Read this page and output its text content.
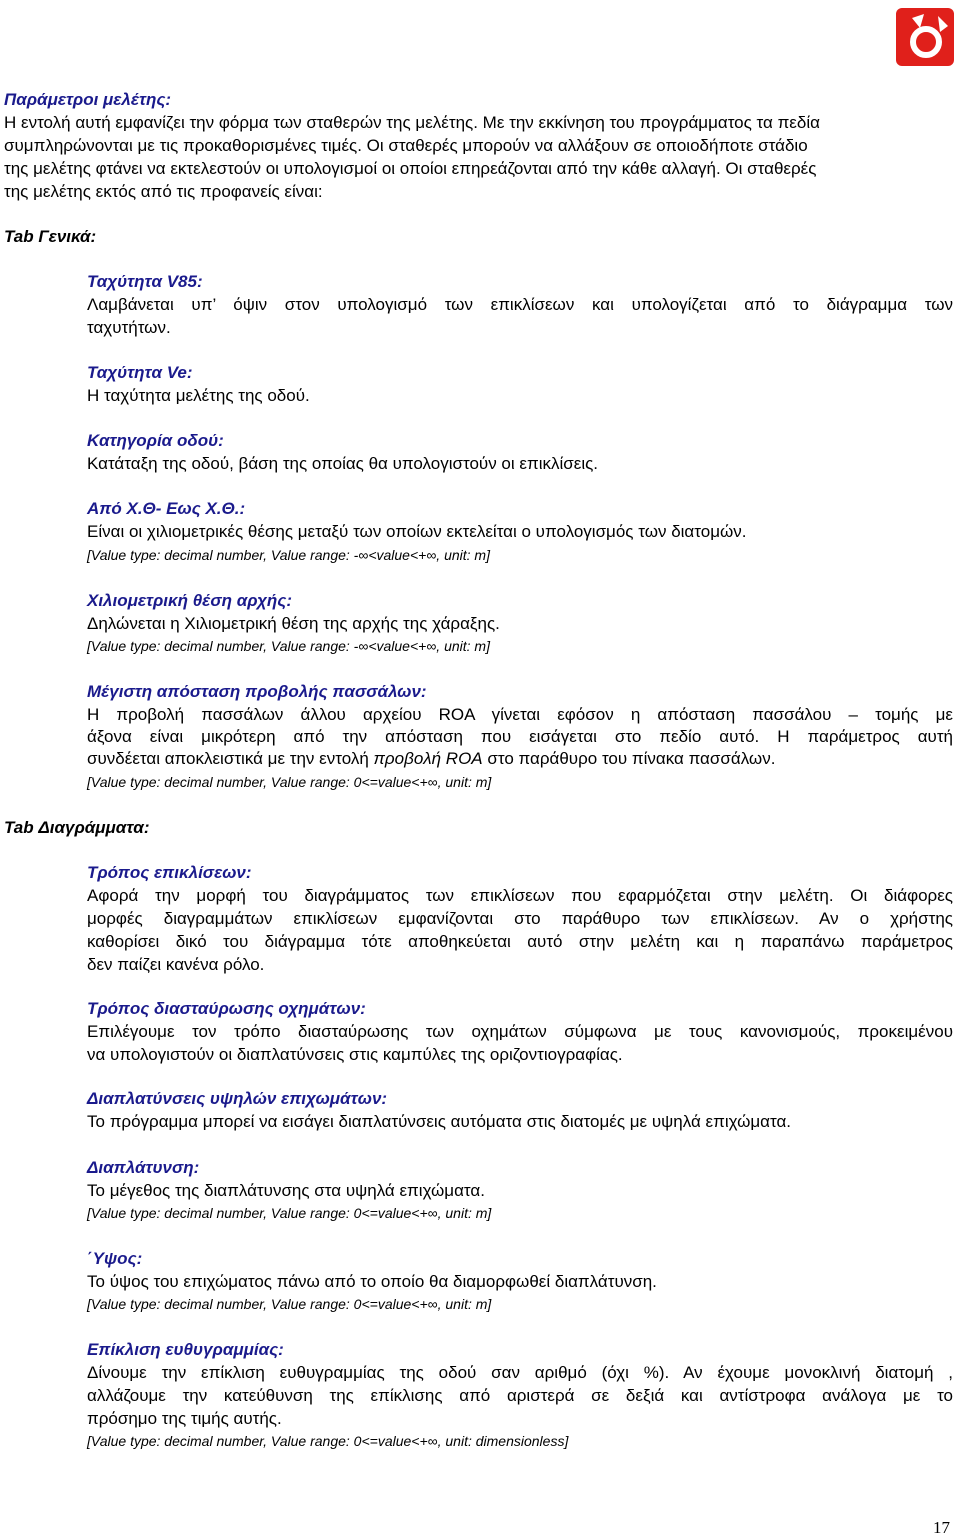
Παράμετροι μελέτης:
Η εντολή αυτή εμφανίζει την φόρμα των σταθερών της μελέτης. Με την εκκίνηση του προγράμματος τα πεδία
συμπληρώνονται με τις προκαθορισμένες τιμές. Οι σταθερές μπορούν να αλλάξουν σε οποιοδήποτε στάδιο
της μελέτης φτάνει να εκτελεστούν οι υπολογισμοί οι οποίοι επηρεάζονται από την κάθε αλλαγή. Οι σταθερές
της μελέτης εκτός από τις προφανείς είναι:
Tab Γενικά:
Ταχύτητα V85:
Λαμβάνεται υπ’ όψιν στον υπολογισμό των επικλίσεων και υπολογίζεται από το διάγραμμα των
ταχυτήτων.
Ταχύτητα Ve:
Η ταχύτητα μελέτης της οδού.
Κατηγορία οδού:
Κατάταξη της οδού, βάση της οποίας θα υπολογιστούν οι επικλίσεις.
Από Χ.Θ- Εως Χ.Θ.:
Είναι οι χιλιομετρικές θέσης μεταξύ των οποίων εκτελείται ο υπολογισμός των διατομών.
[Value type: decimal number, Value range: -∞<value<+∞, unit: m]
Χιλιομετρική θέση αρχής:
Δηλώνεται η Χιλιομετρική θέση της αρχής της χάραξης.
[Value type: decimal number, Value range: -∞<value<+∞, unit: m]
Μέγιστη απόσταση προβολής πασσάλων:
Η προβολή πασσάλων άλλου αρχείου ROA γίνεται εφόσον η απόσταση πασσάλου – τομής με
άξονα είναι μικρότερη από την απόσταση που εισάγεται στο πεδίο αυτό. Η παράμετρος αυτή
συνδέεται αποκλειστικά με την εντολή προβολή ROA στο παράθυρο του πίνακα πασσάλων.
[Value type: decimal number, Value range: 0<=value<+∞, unit: m]
Tab Διαγράμματα:
Τρόπος επικλίσεων:
Αφορά την μορφή του διαγράμματος των επικλίσεων που εφαρμόζεται στην μελέτη. Οι διάφορες
μορφές διαγραμμάτων επικλίσεων εμφανίζονται στο παράθυρο των επικλίσεων. Αν ο χρήστης
καθορίσει δικό του διάγραμμα τότε αποθηκεύεται αυτό στην μελέτη και η παραπάνω παράμετρος
δεν παίζει κανένα ρόλο.
Τρόπος διασταύρωσης οχημάτων:
Επιλέγουμε τον τρόπο διασταύρωσης των οχημάτων σύμφωνα με τους κανονισμούς, προκειμένου
να υπολογιστούν οι διαπλατύνσεις στις καμπύλες της οριζοντιογραφίας.
Διαπλατύνσεις υψηλών επιχωμάτων:
Το πρόγραμμα μπορεί να εισάγει διαπλατύνσεις αυτόματα στις διατομές με υψηλά επιχώματα.
Διαπλάτυνση:
Το μέγεθος της διαπλάτυνσης στα υψηλά επιχώματα.
[Value type: decimal number, Value range: 0<=value<+∞, unit: m]
΄Υψος:
Το ύψος του επιχώματος πάνω από το οποίο θα διαμορφωθεί διαπλάτυνση.
[Value type: decimal number, Value range: 0<=value<+∞, unit: m]
Επίκλιση ευθυγραμμίας:
Δίνουμε την επίκλιση ευθυγραμμίας της οδού σαν αριθμό (όχι %). Αν έχουμε μονοκλινή διατομή ,
αλλάζουμε την κατεύθυνση της επίκλισης από αριστερά σε δεξιά και αντίστροφα ανάλογα με το
πρόσημο της τιμής αυτής.
[Value type: decimal number, Value range: 0<=value<+∞, unit: dimensionless]
17
